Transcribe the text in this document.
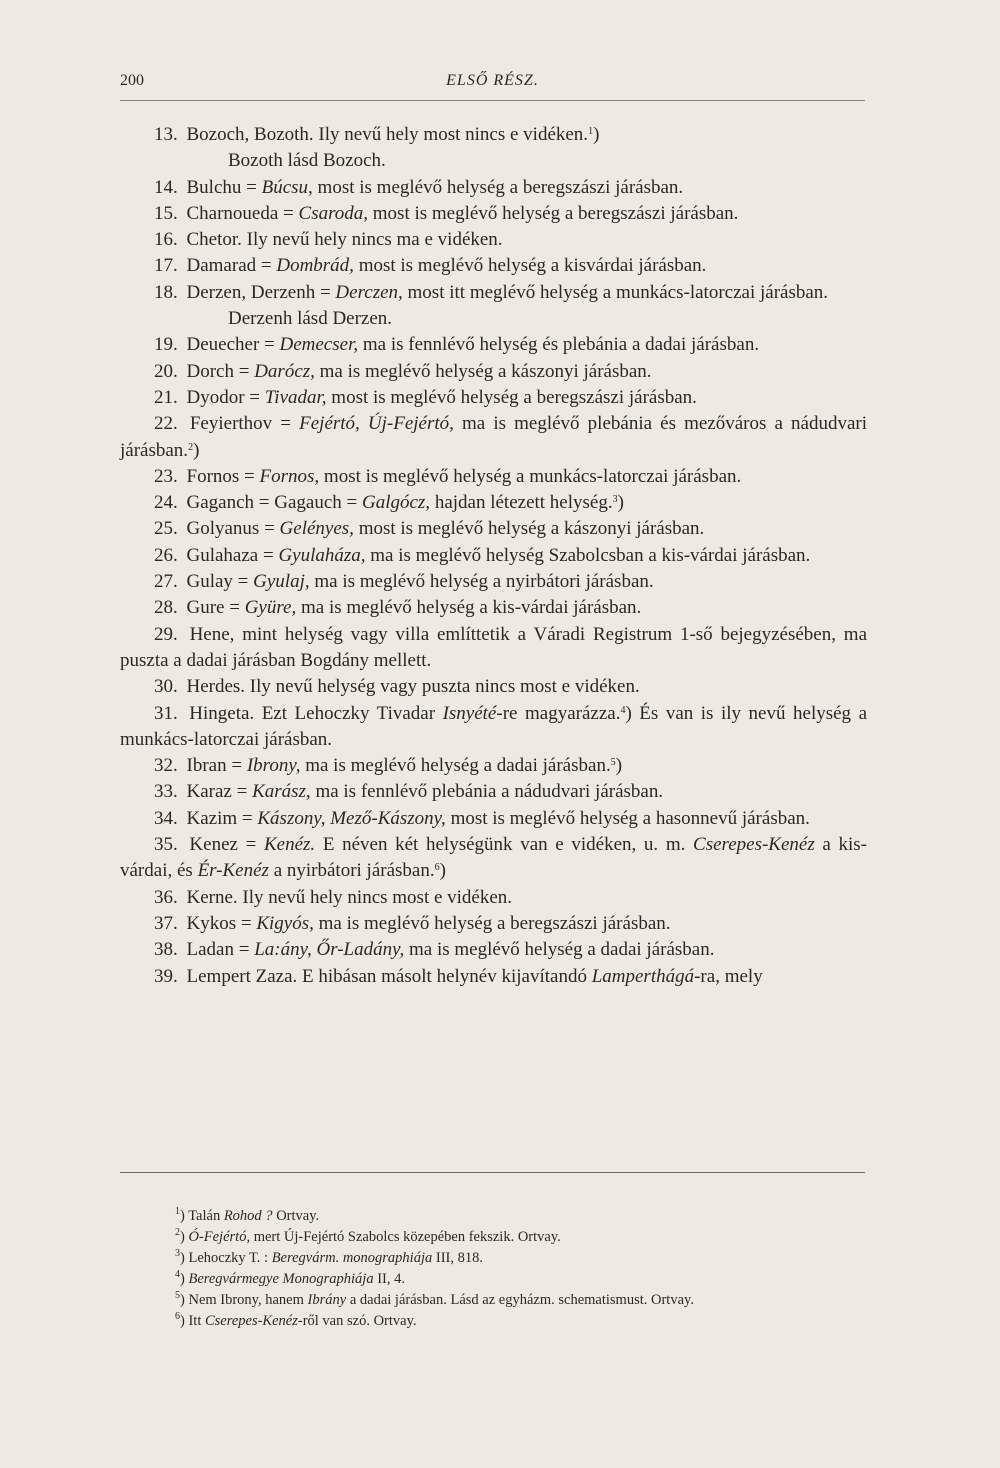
200	ELSŐ RÉSZ.

13. Bozoch, Bozoth. Ily nevű hely most nincs e vidéken.$^1$)

Bozoth lásd Bozoch.

14. Bulchu = Búcsu, most is meglévő helység a beregszászi járásban.

15. Charnoueda = Csaroda, most is meglévő helység a beregszászi járásban.

16. Chetor. Ily nevű hely nincs ma e vidéken.

17. Damarad = Dombrád, most is meglévő helység a kisvárdai járásban.

18. Derzen, Derzenh = Derczen, most itt meglévő helység a munkács-latorczai járásban.

Derzenh lásd Derzen.

19. Deuecher = Demecser, ma is fennlévő helység és plebánia a dadai járásban.

20. Dorch = Darócz, ma is meglévő helység a kászonyi járásban.

21. Dyodor = Tivadar, most is meglévő helység a beregszászi járásban.

22. Feyierthov = Fejértó, Új-Fejértó, ma is meglévő plebánia és mezőváros a nádudvari járásban.$^2$)

23. Fornos = Fornos, most is meglévő helység a munkács-latorczai járásban.

24. Gaganch = Gagauch = Galgócz, hajdan létezett helység.$^3$)

25. Golyanus = Gelényes, most is meglévő helység a kászonyi járásban.

26. Gulahaza = Gyulaháza, ma is meglévő helység Szabolcsban a kis-várdai járásban.

27. Gulay = Gyulaj, ma is meglévő helység a nyirbátori járásban.

28. Gure = Gyüre, ma is meglévő helység a kis-várdai járásban.

29. Hene, mint helység vagy villa említtetik a Váradi Registrum 1-ső bejegyzésében, ma puszta a dadai járásban Bogdány mellett.

30. Herdes. Ily nevű helység vagy puszta nincs most e vidéken.

31. Hingeta. Ezt Lehoczky Tivadar Isnyété-re magyarázza.$^4$) És van is ily nevű helység a munkács-latorczai járásban.

32. Ibran = Ibrony, ma is meglévő helység a dadai járásban.$^5$)

33. Karaz = Karász, ma is fennlévő plebánia a nádudvari járásban.

34. Kazim = Kászony, Mező-Kászony, most is meglévő helység a hasonnevű járásban.

35. Kenez = Kenéz. E néven két helységünk van e vidéken, u. m. Cserepes-Kenéz a kis-várdai, és Ér-Kenéz a nyirbátori járásban.$^6$)

36. Kerne. Ily nevű hely nincs most e vidéken.

37. Kykos = Kigyós, ma is meglévő helység a beregszászi járásban.

38. Ladan = La:ány, Őr-Ladány, ma is meglévő helység a dadai járásban.

39. Lempert Zaza. E hibásan másolt helynév kijavítandó Lamperthágá-ra, mely

$^1$) Talán Rohod ? Ortvay.

$^2$) Ó-Fejértó, mert Új-Fejértó Szabolcs közepében fekszik. Ortvay.

$^3$) Lehoczky T. : Beregvárm. monographiája III, 818.

$^4$) Beregvármegye Monographiája II, 4.

$^5$) Nem Ibrony, hanem Ibrány a dadai járásban. Lásd az egyházm. schematismust. Ortvay.

$^6$) Itt Cserepes-Kenéz-ről van szó. Ortvay.
